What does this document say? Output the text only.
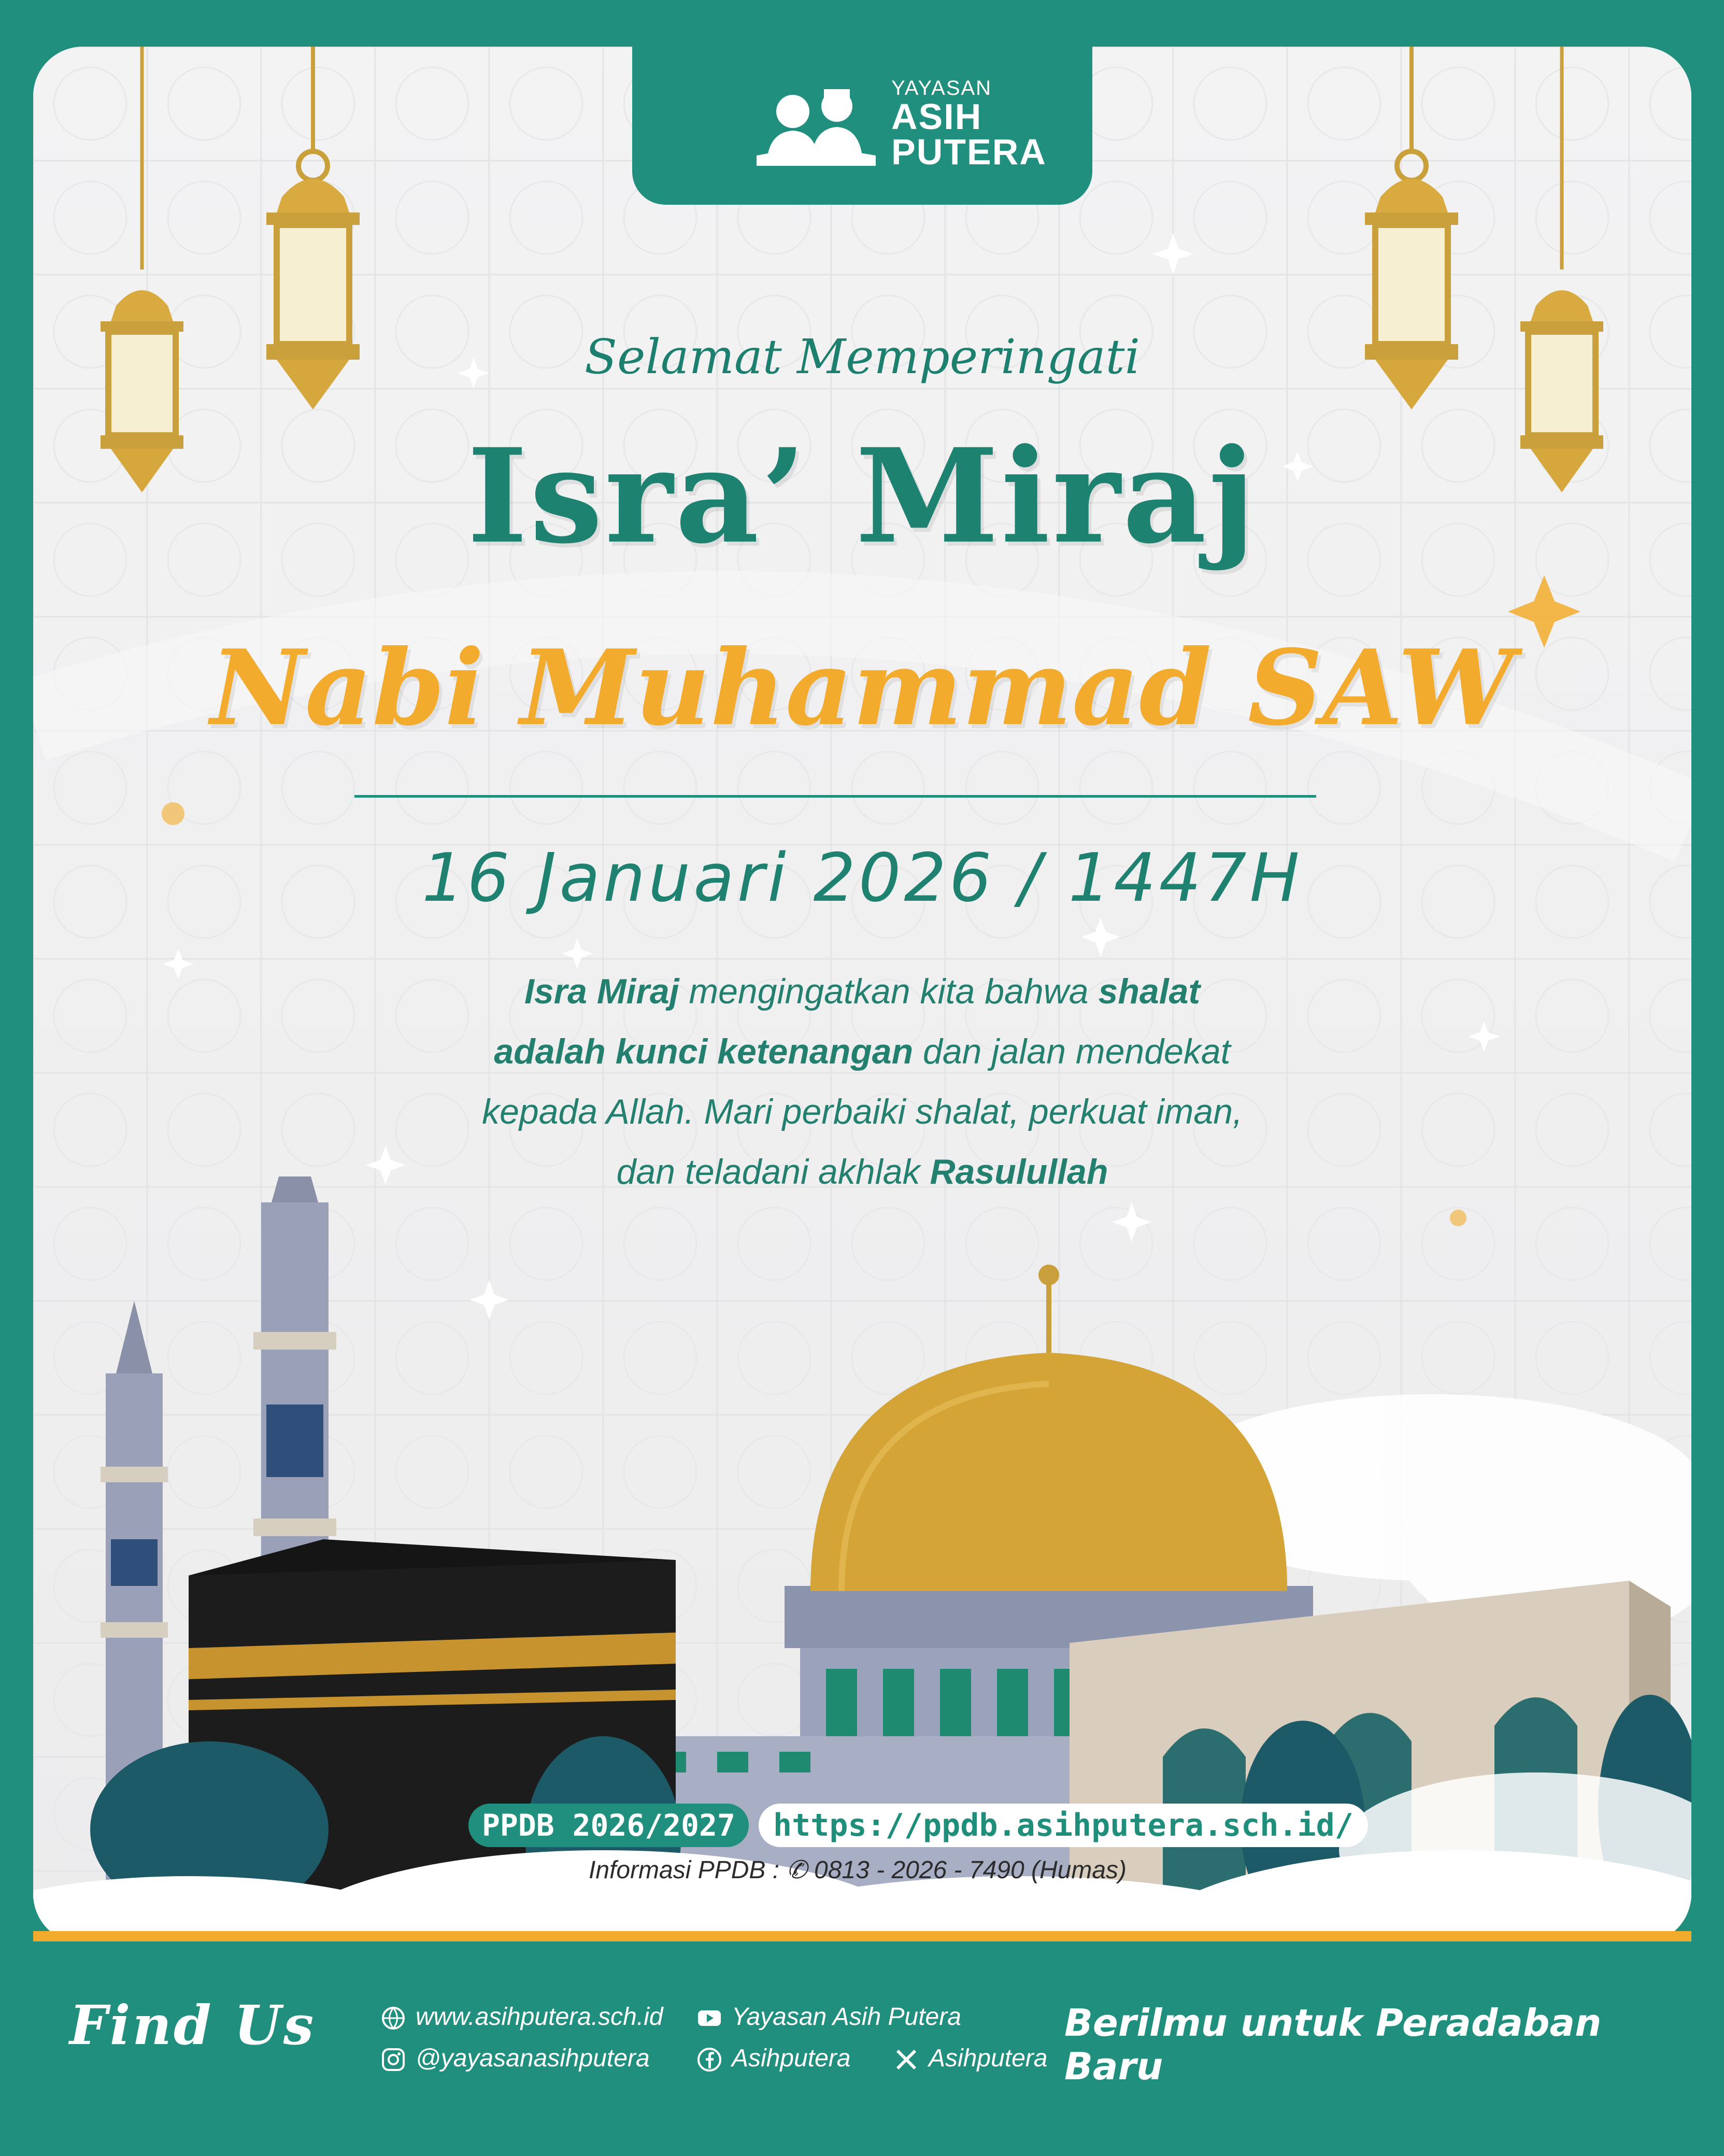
YAYASAN
ASIH
PUTERA
Selamat Memperingati
Isra’ Miraj
Nabi Muhammad SAW
16 Januari 2026 / 1447H
Isra Miraj mengingatkan kita bahwa shalat
adalah kunci ketenangan dan jalan mendekat
kepada Allah. Mari perbaiki shalat, perkuat iman,
dan teladani akhlak Rasulullah
PPDB 2026/2027	https://ppdb.asihputera.sch.id/
Informasi PPDB : ✆ 0813 - 2026 - 7490 (Humas)
Find Us	www.asihputera.sch.id	Yayasan Asih Putera
@yayasanasihputera	Asihputera	Asihputera
Berilmu untuk Peradaban Baru
